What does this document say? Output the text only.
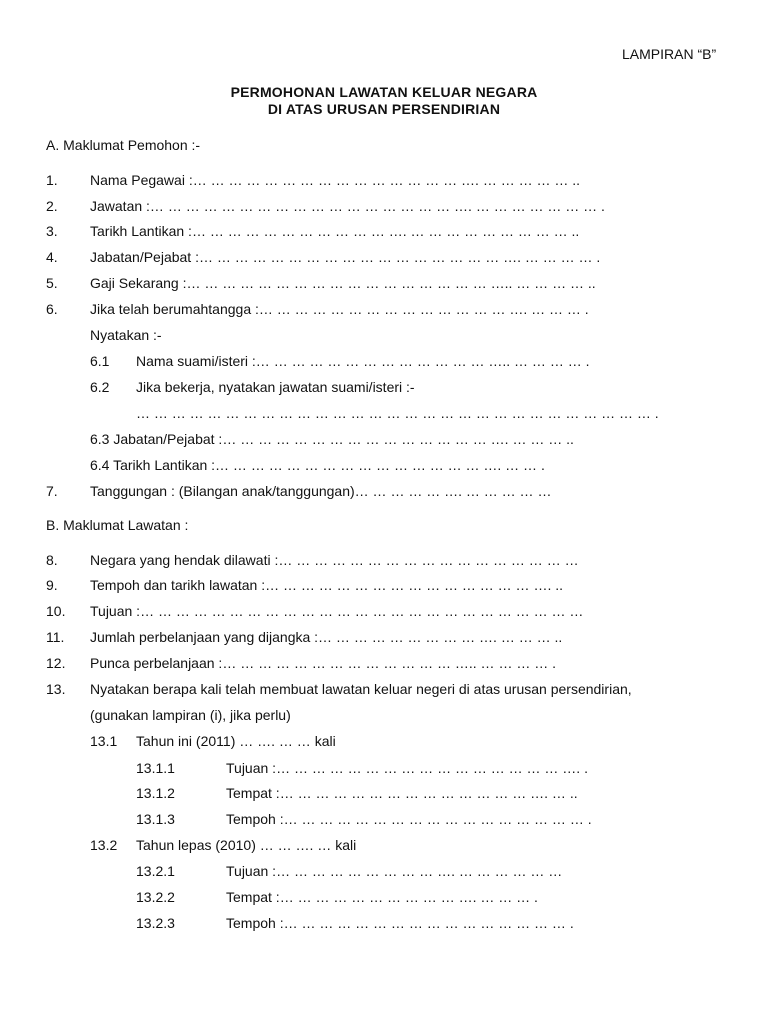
LAMPIRAN “B”
PERMOHONAN LAWATAN KELUAR NEGARA
DI ATAS URUSAN PERSENDIRIAN
A. Maklumat Pemohon :-
1. Nama Pegawai :… … … … … … … … … … … … … … … …. … … … … … ..
2. Jawatan :… … … … … … … … … … … … … … … … … …. … … … … … … … .
3. Tarikh Lantikan :… … … … … … … … … … … …. … … … … … … … … … ..
4. Jabatan/Pejabat :… … … … … … … … … … … … … … … … … …. … … … … .
5. Gaji Sekarang :… … … … … … … … … … … … … … … … … ….. … … … … ..
6. Jika telah berumahtangga :… … … … … … … … … … … … … … …. … … … .
Nyatakan :-
6.1 Nama suami/isteri :… … … … … … … … … … … … … ….. … … … … .
6.2 Jika bekerja, nyatakan jawatan suami/isteri :-
… … … … … … … … … … … … … … … … … … … … … … … … … … … … … .
6.3 Jabatan/Pejabat :… … … … … … … … … … … … … … … …. … … … ..
6.4 Tarikh Lantikan :… … … … … … … … … … … … … … … …. … … .
7. Tanggungan : (Bilangan anak/tanggungan)… … … … … …. … … … … …
B. Maklumat Lawatan :
8. Negara yang hendak dilawati :… … … … … … … … … … … … … … … … …
9. Tempoh dan tarikh lawatan :… … … … … … … … … … … … … … … …. ..
10. Tujuan :… … … … … … … … … … … … … … … … … … … … … … … … …
11. Jumlah perbelanjaan yang dijangka :… … … … … … … … … …. … … … ..
12. Punca perbelanjaan :… … … … … … … … … … … … … ….. … … … … .
13. Nyatakan berapa kali telah membuat lawatan keluar negeri di atas urusan persendirian,
(gunakan lampiran (i), jika perlu)
13.1 Tahun ini (2011) … …. … … kali
13.1.1	Tujuan :… … … … … … … … … … … … … … … … …. .
13.1.2	Tempat :… … … … … … … … … … … … … … …. … ..
13.1.3	Tempoh :… … … … … … … … … … … … … … … … … .
13.2 Tahun lepas (2010) … … …. … kali
13.2.1	Tujuan :… … … … … … … … … …. … … … … … …
13.2.2	Tempat :… … … … … … … … … … …. … … … .
13.2.3	Tempoh :… … … … … … … … … … … … … … … … .
